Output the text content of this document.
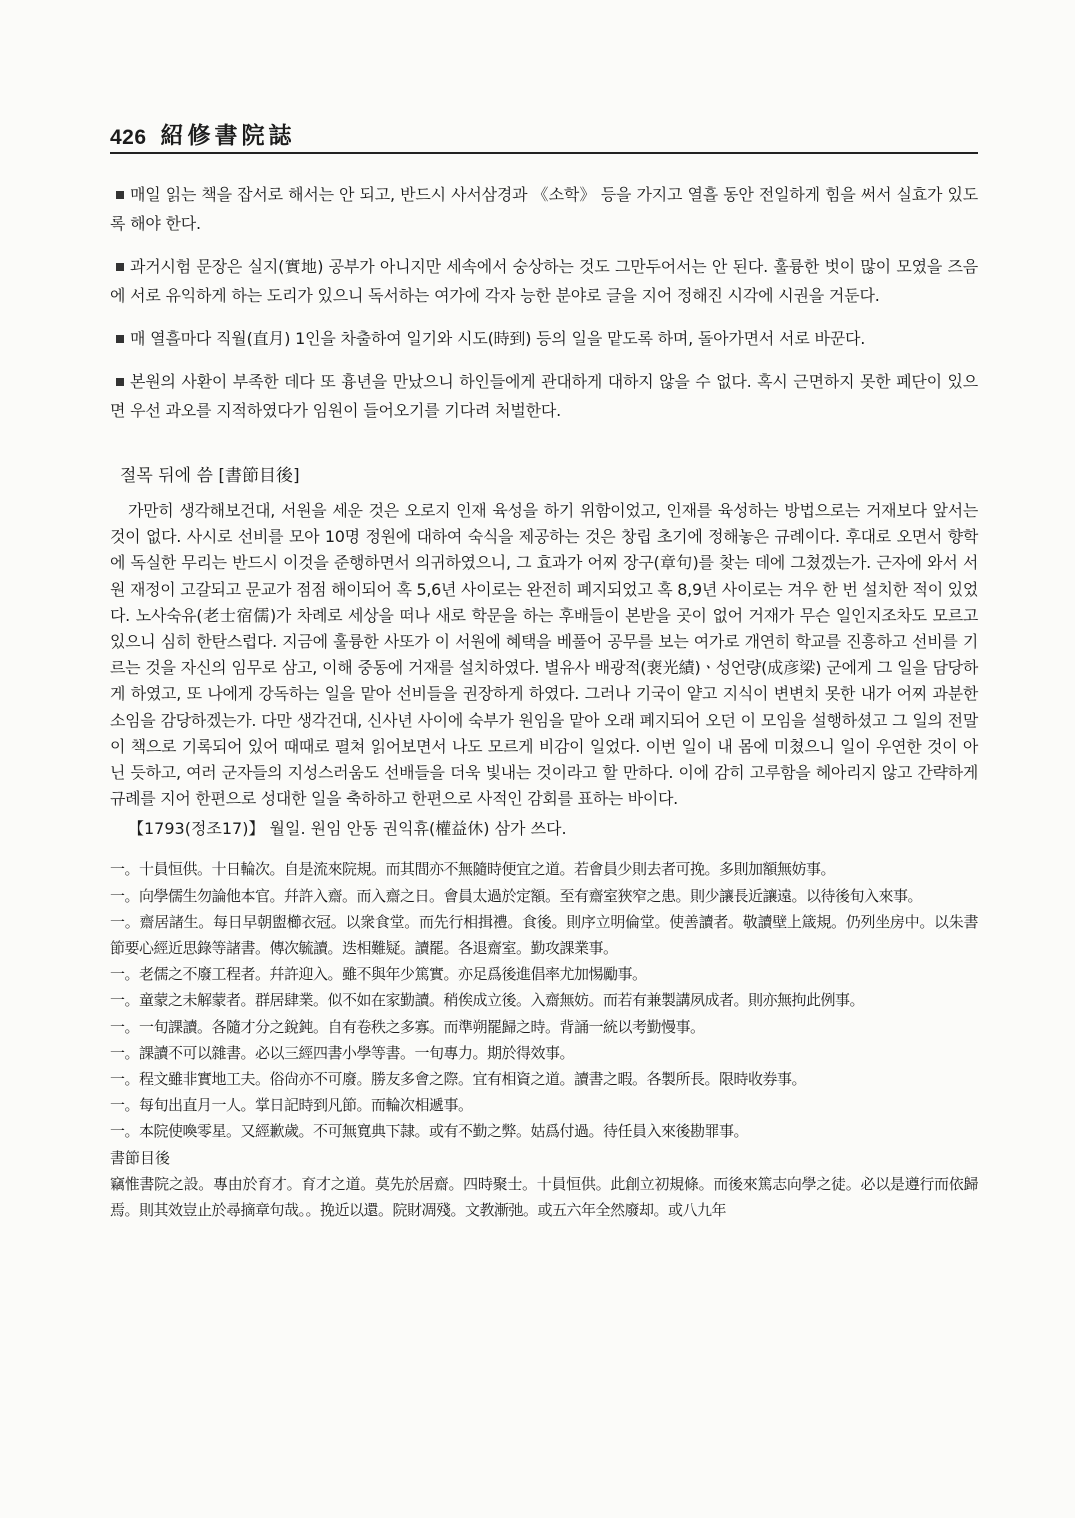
426 紹修書院誌

매일 읽는 책을 잡서로 해서는 안 되고, 반드시 사서삼경과 《소학》 등을 가지고 열흘 동안 전일하게 힘을 써서 실효가 있도록 해야 한다.

과거시험 문장은 실지(實地) 공부가 아니지만 세속에서 숭상하는 것도 그만두어서는 안 된다. 훌륭한 벗이 많이 모였을 즈음에 서로 유익하게 하는 도리가 있으니 독서하는 여가에 각자 능한 분야로 글을 지어 정해진 시각에 시권을 거둔다.

매 열흘마다 직월(直月) 1인을 차출하여 일기와 시도(時到) 등의 일을 맡도록 하며, 돌아가면서 서로 바꾼다.

본원의 사환이 부족한 데다 또 흉년을 만났으니 하인들에게 관대하게 대하지 않을 수 없다. 혹시 근면하지 못한 폐단이 있으면 우선 과오를 지적하였다가 임원이 들어오기를 기다려 처벌한다.

절목 뒤에 씀 [書節目後]

가만히 생각해보건대, 서원을 세운 것은 오로지 인재 육성을 하기 위함이었고, 인재를 육성하는 방법으로는 거재보다 앞서는 것이 없다. 사시로 선비를 모아 10명 정원에 대하여 숙식을 제공하는 것은 창립 초기에 정해놓은 규례이다. 후대로 오면서 향학에 독실한 무리는 반드시 이것을 준행하면서 의귀하였으니, 그 효과가 어찌 장구(章句)를 찾는 데에 그쳤겠는가. 근자에 와서 서원 재정이 고갈되고 문교가 점점 해이되어 혹 5,6년 사이로는 완전히 폐지되었고 혹 8,9년 사이로는 겨우 한 번 설치한 적이 있었다. 노사숙유(老士宿儒)가 차례로 세상을 떠나 새로 학문을 하는 후배들이 본받을 곳이 없어 거재가 무슨 일인지조차도 모르고 있으니 심히 한탄스럽다. 지금에 훌륭한 사또가 이 서원에 혜택을 베풀어 공무를 보는 여가로 개연히 학교를 진흥하고 선비를 기르는 것을 자신의 임무로 삼고, 이해 중동에 거재를 설치하였다. 별유사 배광적(裵光績)ㆍ성언량(成彦梁) 군에게 그 일을 담당하게 하였고, 또 나에게 강독하는 일을 맡아 선비들을 권장하게 하였다. 그러나 기국이 얕고 지식이 변변치 못한 내가 어찌 과분한 소임을 감당하겠는가. 다만 생각건대, 신사년 사이에 숙부가 원임을 맡아 오래 폐지되어 오던 이 모임을 설행하셨고 그 일의 전말이 책으로 기록되어 있어 때때로 펼쳐 읽어보면서 나도 모르게 비감이 일었다. 이번 일이 내 몸에 미쳤으니 일이 우연한 것이 아닌 듯하고, 여러 군자들의 지성스러움도 선배들을 더욱 빛내는 것이라고 할 만하다. 이에 감히 고루함을 헤아리지 않고 간략하게 규례를 지어 한편으로 성대한 일을 축하하고 한편으로 사적인 감회를 표하는 바이다.

【1793(정조17)】 월일. 원임 안동 권익휴(權益休) 삼가 쓰다.

一。十員恒供。十日輪次。自是流來院規。而其間亦不無隨時便宜之道。若會員少則去者可挽。多則加額無妨事。

一。向學儒生勿論他本官。幷許入齋。而入齋之日。會員太過於定額。至有齋室狹窄之患。則少讓長近讓遠。以待後旬入來事。

一。齋居諸生。每日早朝盥櫛衣冠。以衆食堂。而先行相揖禮。食後。則序立明倫堂。使善讀者。敬讀壁上箴規。仍列坐房中。以朱書節要心經近思錄等諸書。傳次毓讀。迭相難疑。讀罷。各退齋室。勤攻課業事。

一。老儒之不廢工程者。幷許迎入。雖不與年少篤實。亦足爲後進倡率尤加惕勵事。

一。童蒙之未解蒙者。群居肆業。似不如在家勤讀。稍俟成立後。入齋無妨。而若有兼製講夙成者。則亦無拘此例事。

一。一旬課讀。各隨才分之銳鈍。自有卷秩之多寡。而準朔罷歸之時。背誦一統以考勤慢事。

一。課讀不可以雜書。必以三經四書小學等書。一旬專力。期於得效事。

一。程文雖非實地工夫。俗尙亦不可廢。勝友多會之際。宜有相資之道。讀書之暇。各製所長。限時收券事。

一。每旬出直月一人。掌日記時到凡節。而輪次相遞事。

一。本院使喚零星。又經歉歲。不可無寬典下隷。或有不勤之弊。姑爲付過。待任員入來後勘罪事。

書節目後

竊惟書院之設。專由於育才。育才之道。莫先於居齋。四時聚士。十員恒供。此創立初規條。而後來篤志向學之徒。必以是遵行而依歸焉。則其效豈止於尋摘章句哉。。挽近以還。院財凋殘。文教漸弛。或五六年全然廢却。或八九年
